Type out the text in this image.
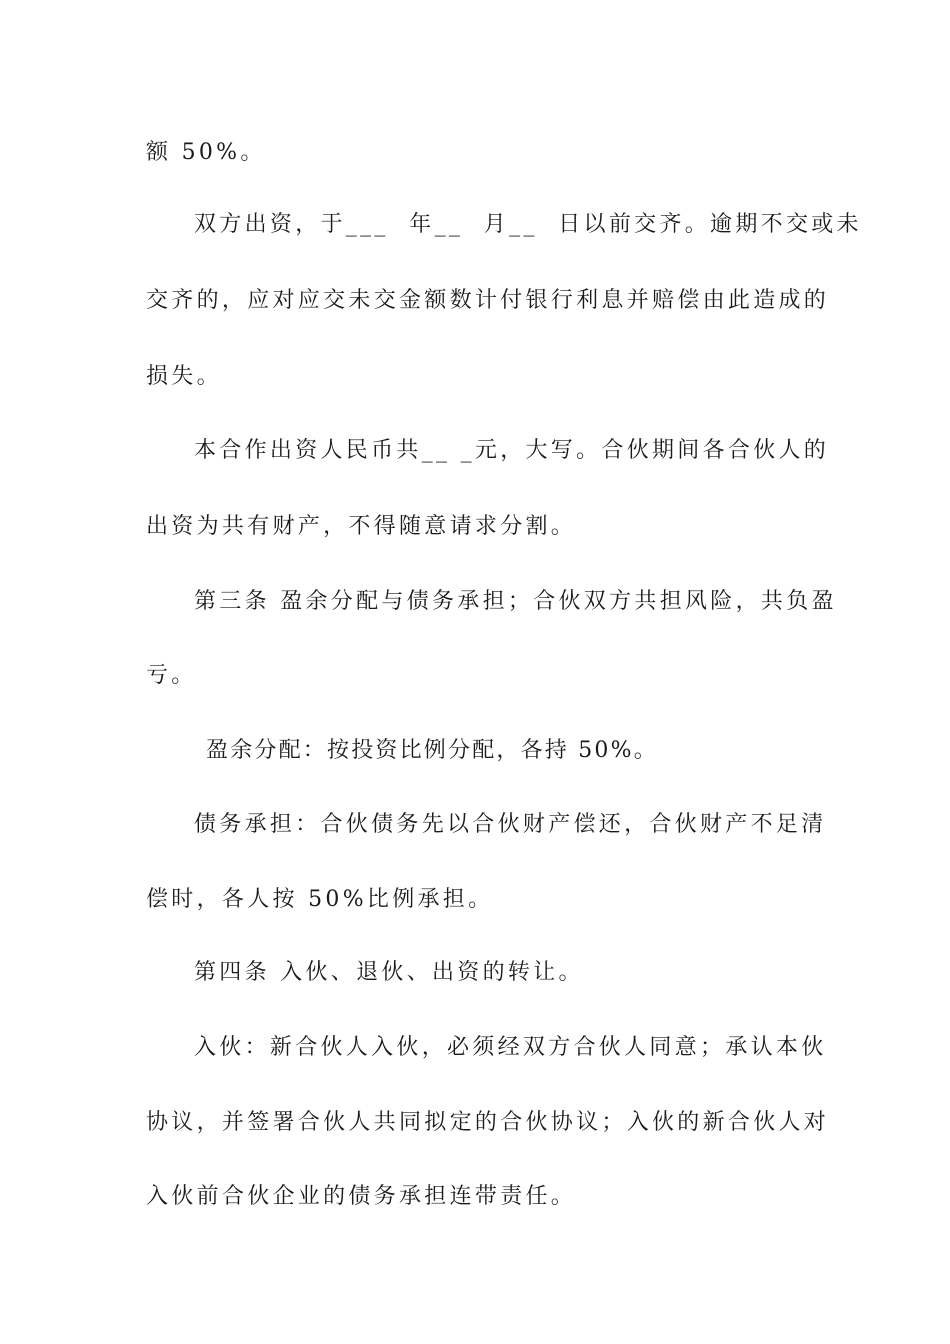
额 50%。

双方出资，于___  年__  月__  日以前交齐。逾期不交或未

交齐的，应对应交未交金额数计付银行利息并赔偿由此造成的

损失。

本合作出资人民币共__ _元，大写。合伙期间各合伙人的

出资为共有财产，不得随意请求分割。

第三条 盈余分配与债务承担；合伙双方共担风险，共负盈

亏。

盈余分配：按投资比例分配，各持 50%。

债务承担：合伙债务先以合伙财产偿还，合伙财产不足清

偿时，各人按 50%比例承担。

第四条 入伙、退伙、出资的转让。

入伙：新合伙人入伙，必须经双方合伙人同意；承认本伙

协议，并签署合伙人共同拟定的合伙协议；入伙的新合伙人对

入伙前合伙企业的债务承担连带责任。
